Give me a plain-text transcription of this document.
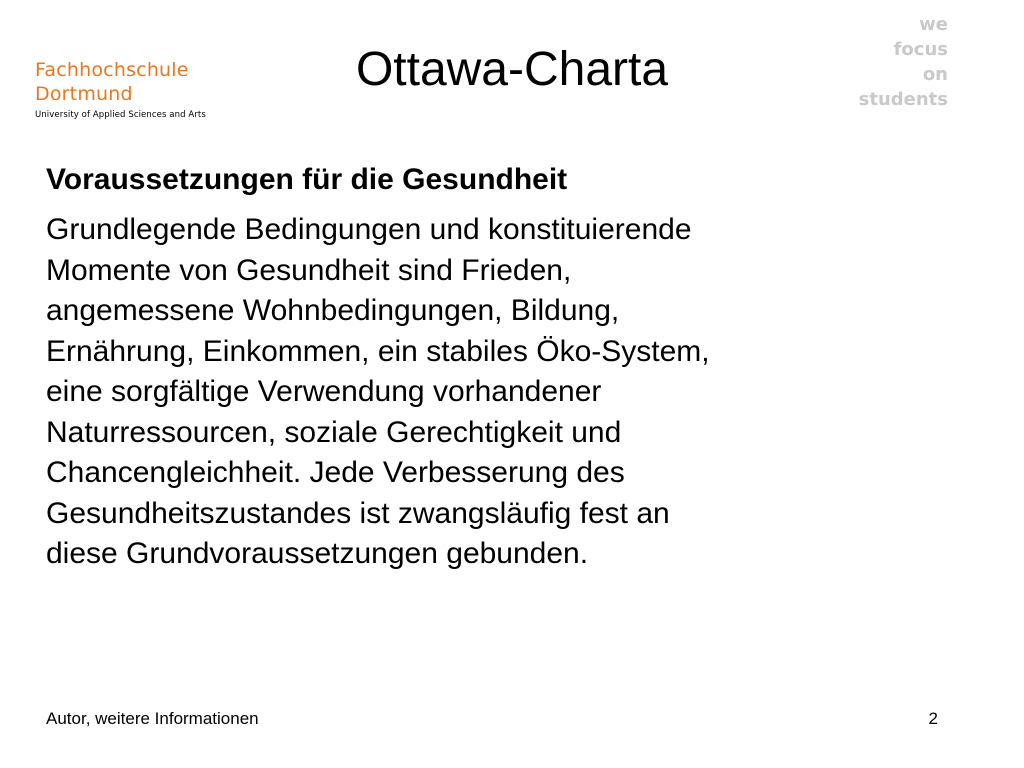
Fachhochschule
Dortmund
University of Applied Sciences and Arts
Ottawa-Charta
we
focus
on
students
Voraussetzungen für die Gesundheit
Grundlegende Bedingungen und konstituierende
Momente von Gesundheit sind Frieden,
angemessene Wohnbedingungen, Bildung,
Ernährung, Einkommen, ein stabiles Öko-System,
eine sorgfältige Verwendung vorhandener
Naturressourcen, soziale Gerechtigkeit und
Chancengleichheit. Jede Verbesserung des
Gesundheitszustandes ist zwangsläufig fest an
diese Grundvoraussetzungen gebunden.
Autor, weitere Informationen	2
